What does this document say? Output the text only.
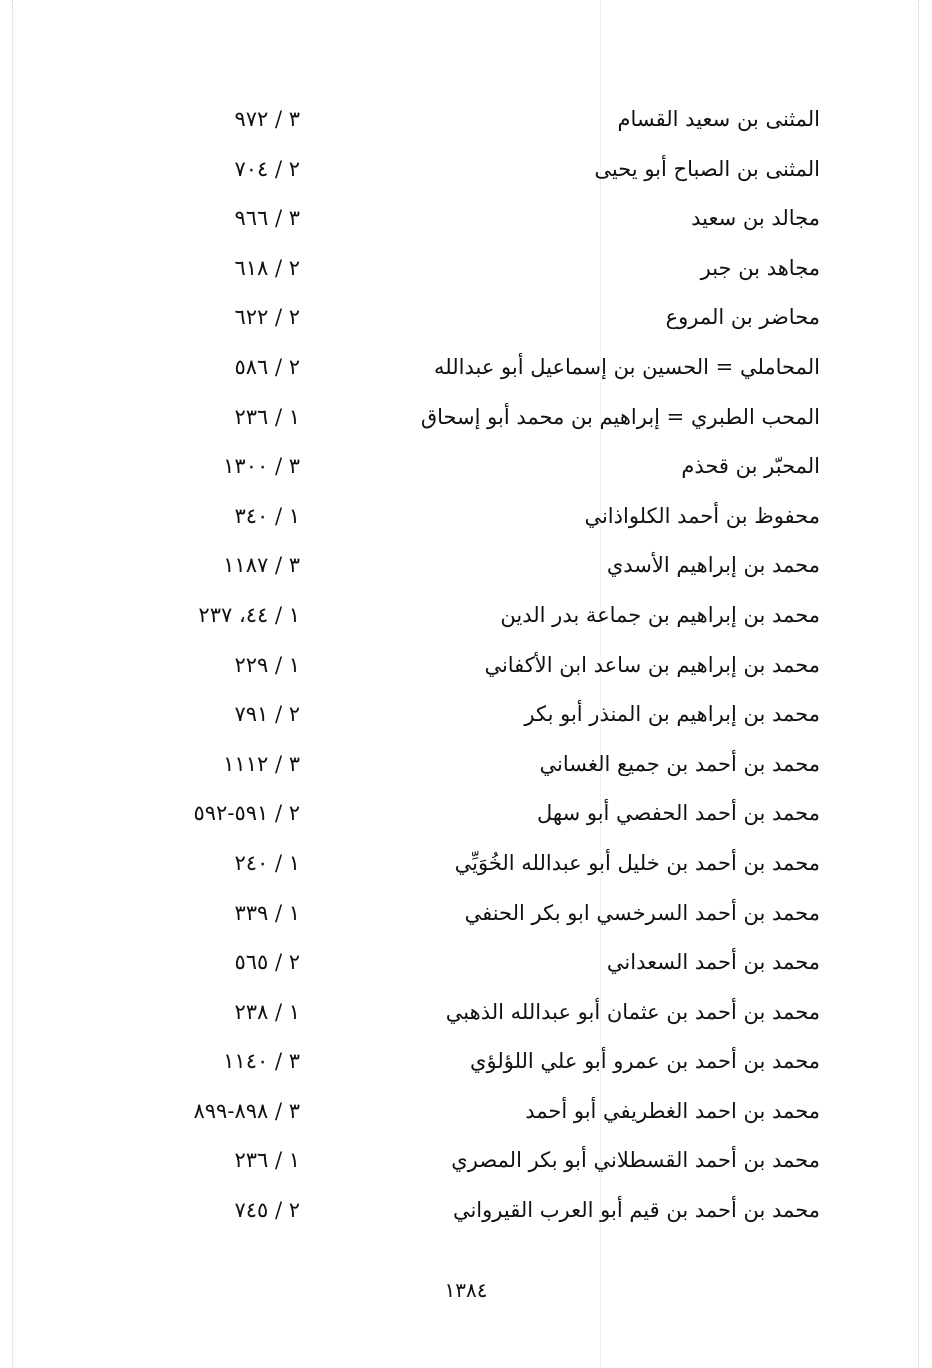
المثنى بن سعيد القسام
٣ / ٩٧٢
المثنى بن الصباح أبو يحيى
٢ / ٧٠٤
مجالد بن سعيد
٣ / ٩٦٦
مجاهد بن جبر
٢ / ٦١٨
محاضر بن المروع
٢ / ٦٢٢
المحاملي = الحسين بن إسماعيل أبو عبدالله
٢ / ٥٨٦
المحب الطبري = إبراهيم بن محمد أبو إسحاق
١ / ٢٣٦
المحبّر بن قحذم
٣ / ١٣٠٠
محفوظ بن أحمد الكلواذاني
١ / ٣٤٠
محمد بن إبراهيم الأسدي
٣ / ١١٨٧
محمد بن إبراهيم بن جماعة بدر الدين
١ / ٤٤، ٢٣٧
محمد بن إبراهيم بن ساعد ابن الأكفاني
١ / ٢٢٩
محمد بن إبراهيم بن المنذر أبو بكر
٢ / ٧٩١
محمد بن أحمد بن جميع الغساني
٣ / ١١١٢
محمد بن أحمد الحفصي أبو سهل
٢ / ٥٩١-٥٩٢
محمد بن أحمد بن خليل أبو عبدالله الخُوَيِّي
١ / ٢٤٠
محمد بن أحمد السرخسي ابو بكر الحنفي
١ / ٣٣٩
محمد بن أحمد السعداني
٢ / ٥٦٥
محمد بن أحمد بن عثمان أبو عبدالله الذهبي
١ / ٢٣٨
محمد بن أحمد بن عمرو أبو علي اللؤلؤي
٣ / ١١٤٠
محمد بن احمد الغطريفي أبو أحمد
٣ / ٨٩٨-٨٩٩
محمد بن أحمد القسطلاني أبو بكر المصري
١ / ٢٣٦
محمد بن أحمد بن قيم أبو العرب القيرواني
٢ / ٧٤٥
١٣٨٤
